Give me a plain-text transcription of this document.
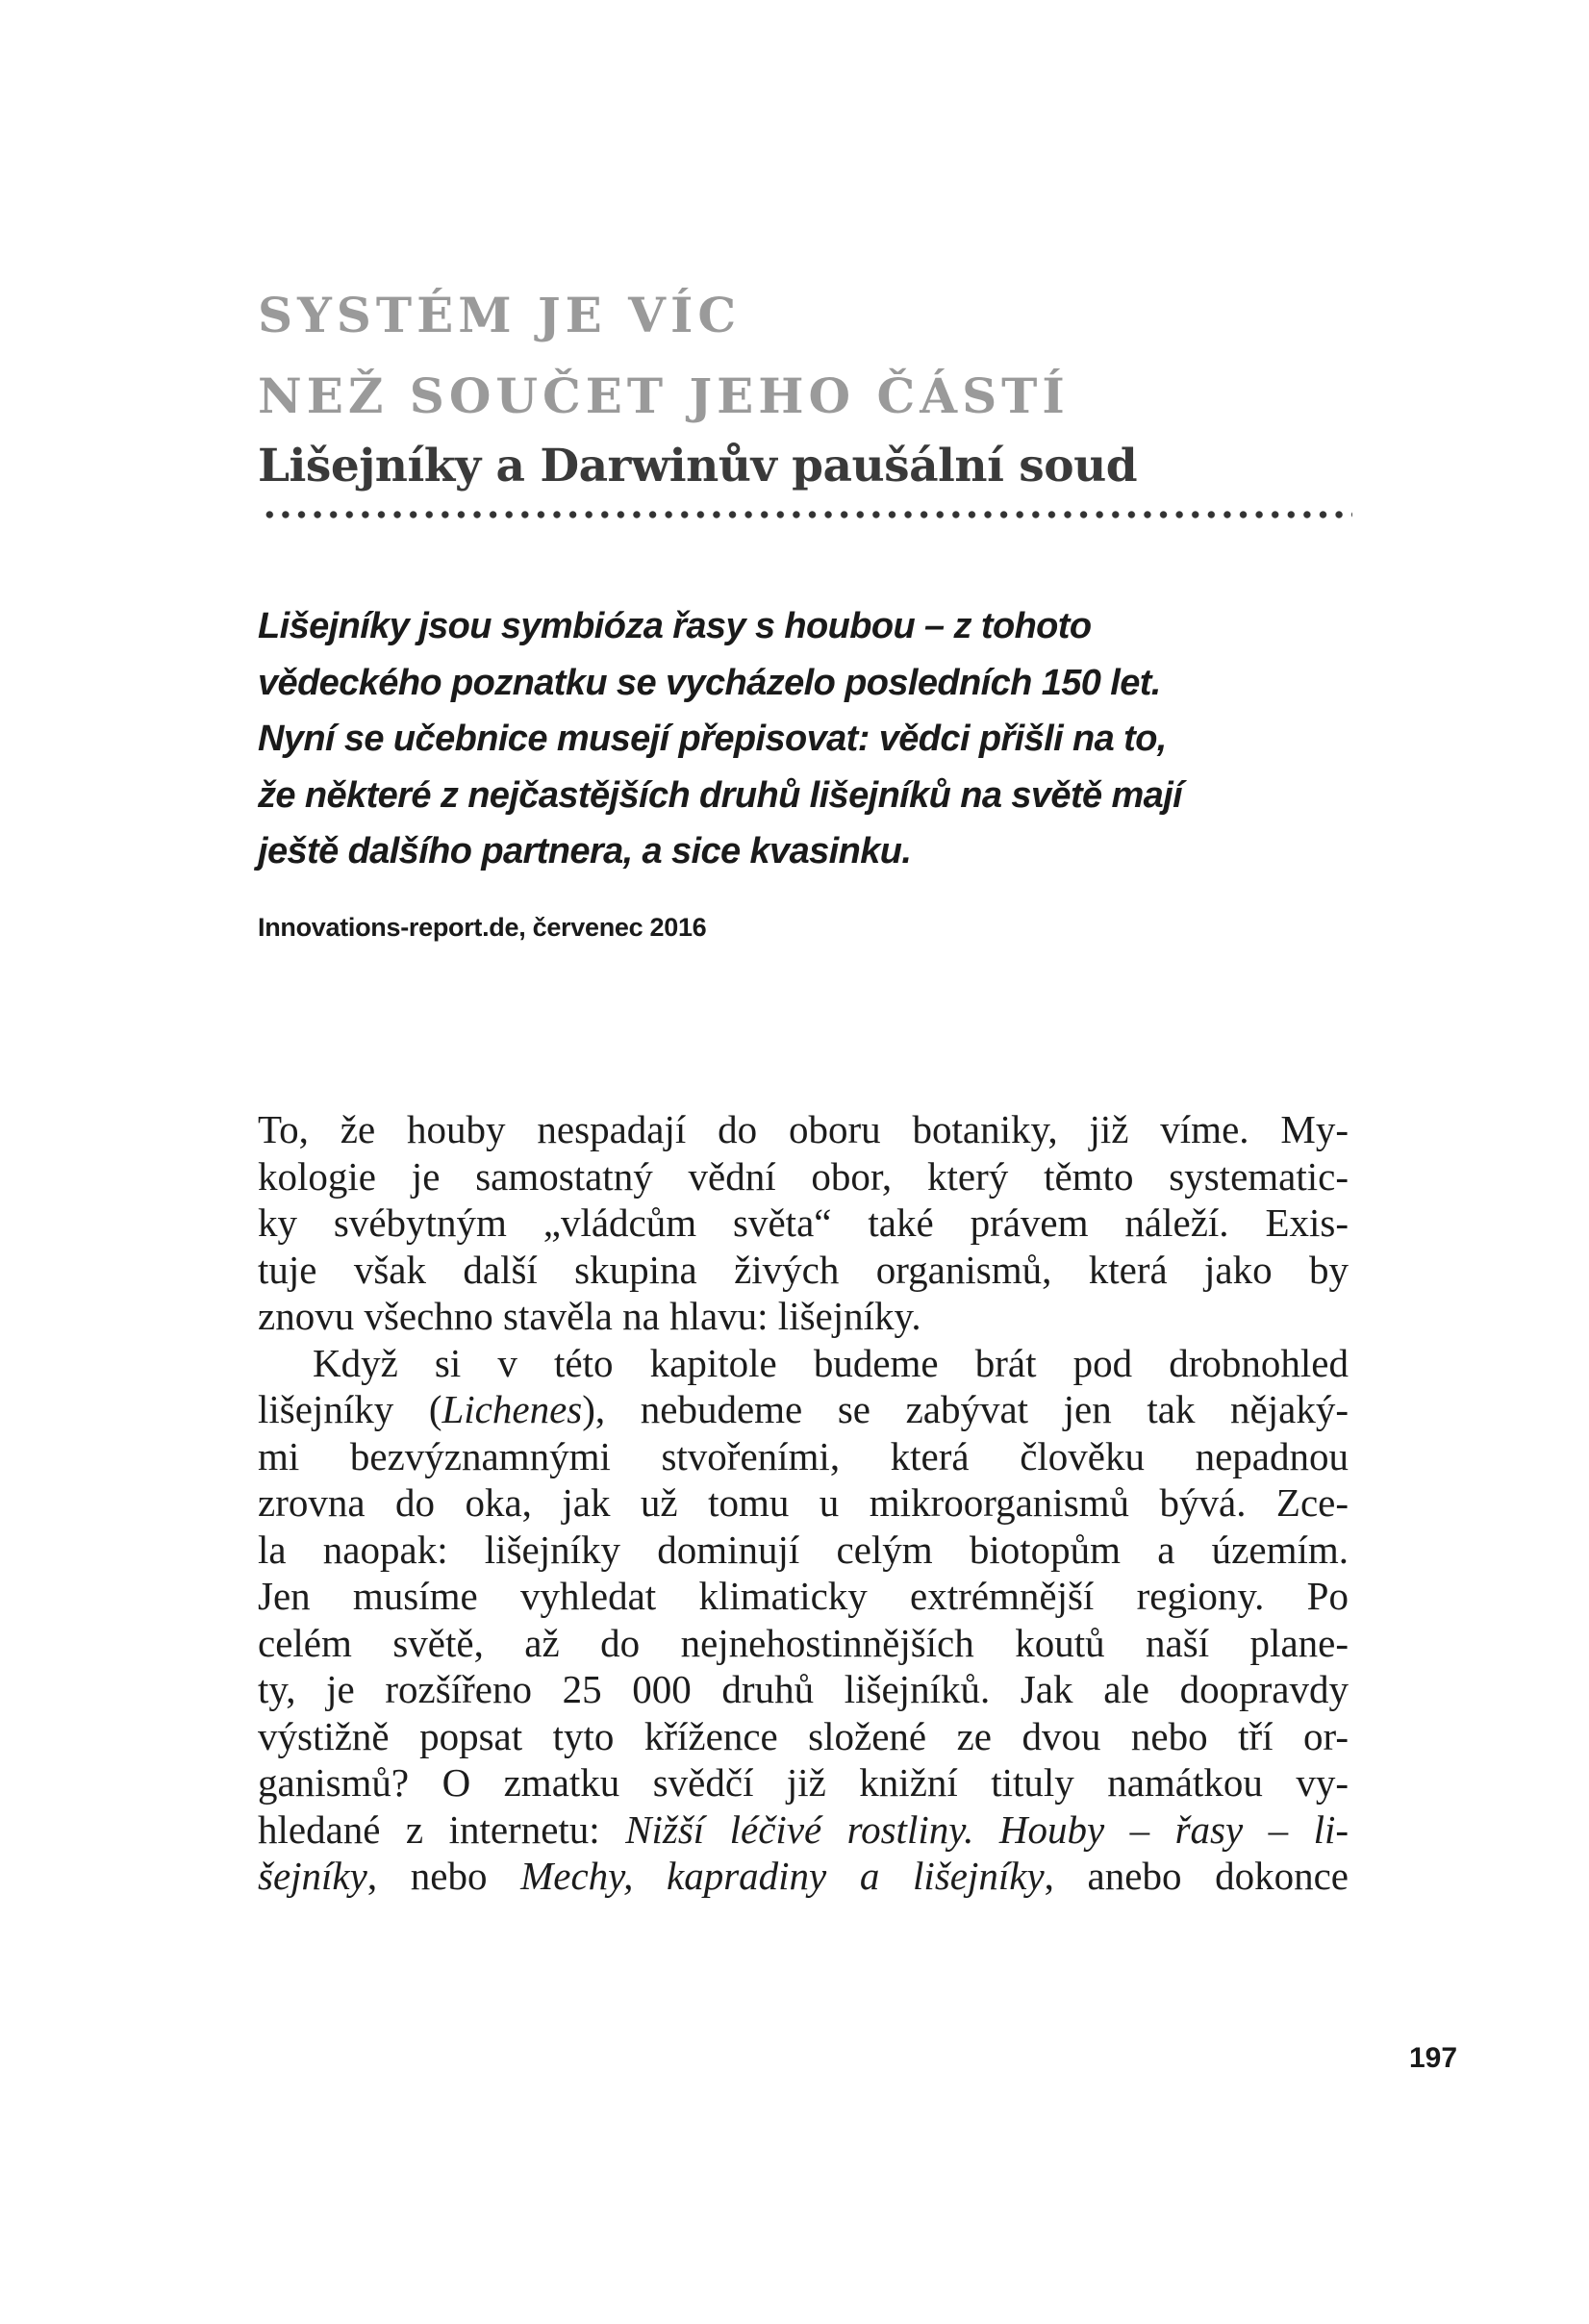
SYSTÉM JE VÍC
NEŽ SOUČET JEHO ČÁSTÍ
Lišejníky a Darwinův paušální soud
Lišejníky jsou symbióza řasy s houbou – z tohoto
vědeckého poznatku se vycházelo posledních 150 let.
Nyní se učebnice musejí přepisovat: vědci přišli na to,
že některé z nejčastějších druhů lišejníků na světě mají
ještě dalšího partnera, a sice kvasinku.
Innovations-report.de, červenec 2016
To, že houby nespadají do oboru botaniky, již víme. My-
kologie je samostatný vědní obor, který těmto systematic-
ky svébytným „vládcům světa“ také právem náleží. Exis-
tuje však další skupina živých organismů, která jako by
znovu všechno stavěla na hlavu: lišejníky.
Když si v této kapitole budeme brát pod drobnohled
lišejníky (Lichenes), nebudeme se zabývat jen tak nějaký-
mi bezvýznamnými stvořeními, která člověku nepadnou
zrovna do oka, jak už tomu u mikroorganismů bývá. Zce-
la naopak: lišejníky dominují celým biotopům a územím.
Jen musíme vyhledat klimaticky extrémnější regiony. Po
celém světě, až do nejnehostinnějších koutů naší plane-
ty, je rozšířeno 25 000 druhů lišejníků. Jak ale doopravdy
výstižně popsat tyto křížence složené ze dvou nebo tří or-
ganismů? O zmatku svědčí již knižní tituly namátkou vy-
hledané z internetu: Nižší léčivé rostliny. Houby – řasy – li-
šejníky, nebo Mechy, kapradiny a lišejníky, anebo dokonce
197
